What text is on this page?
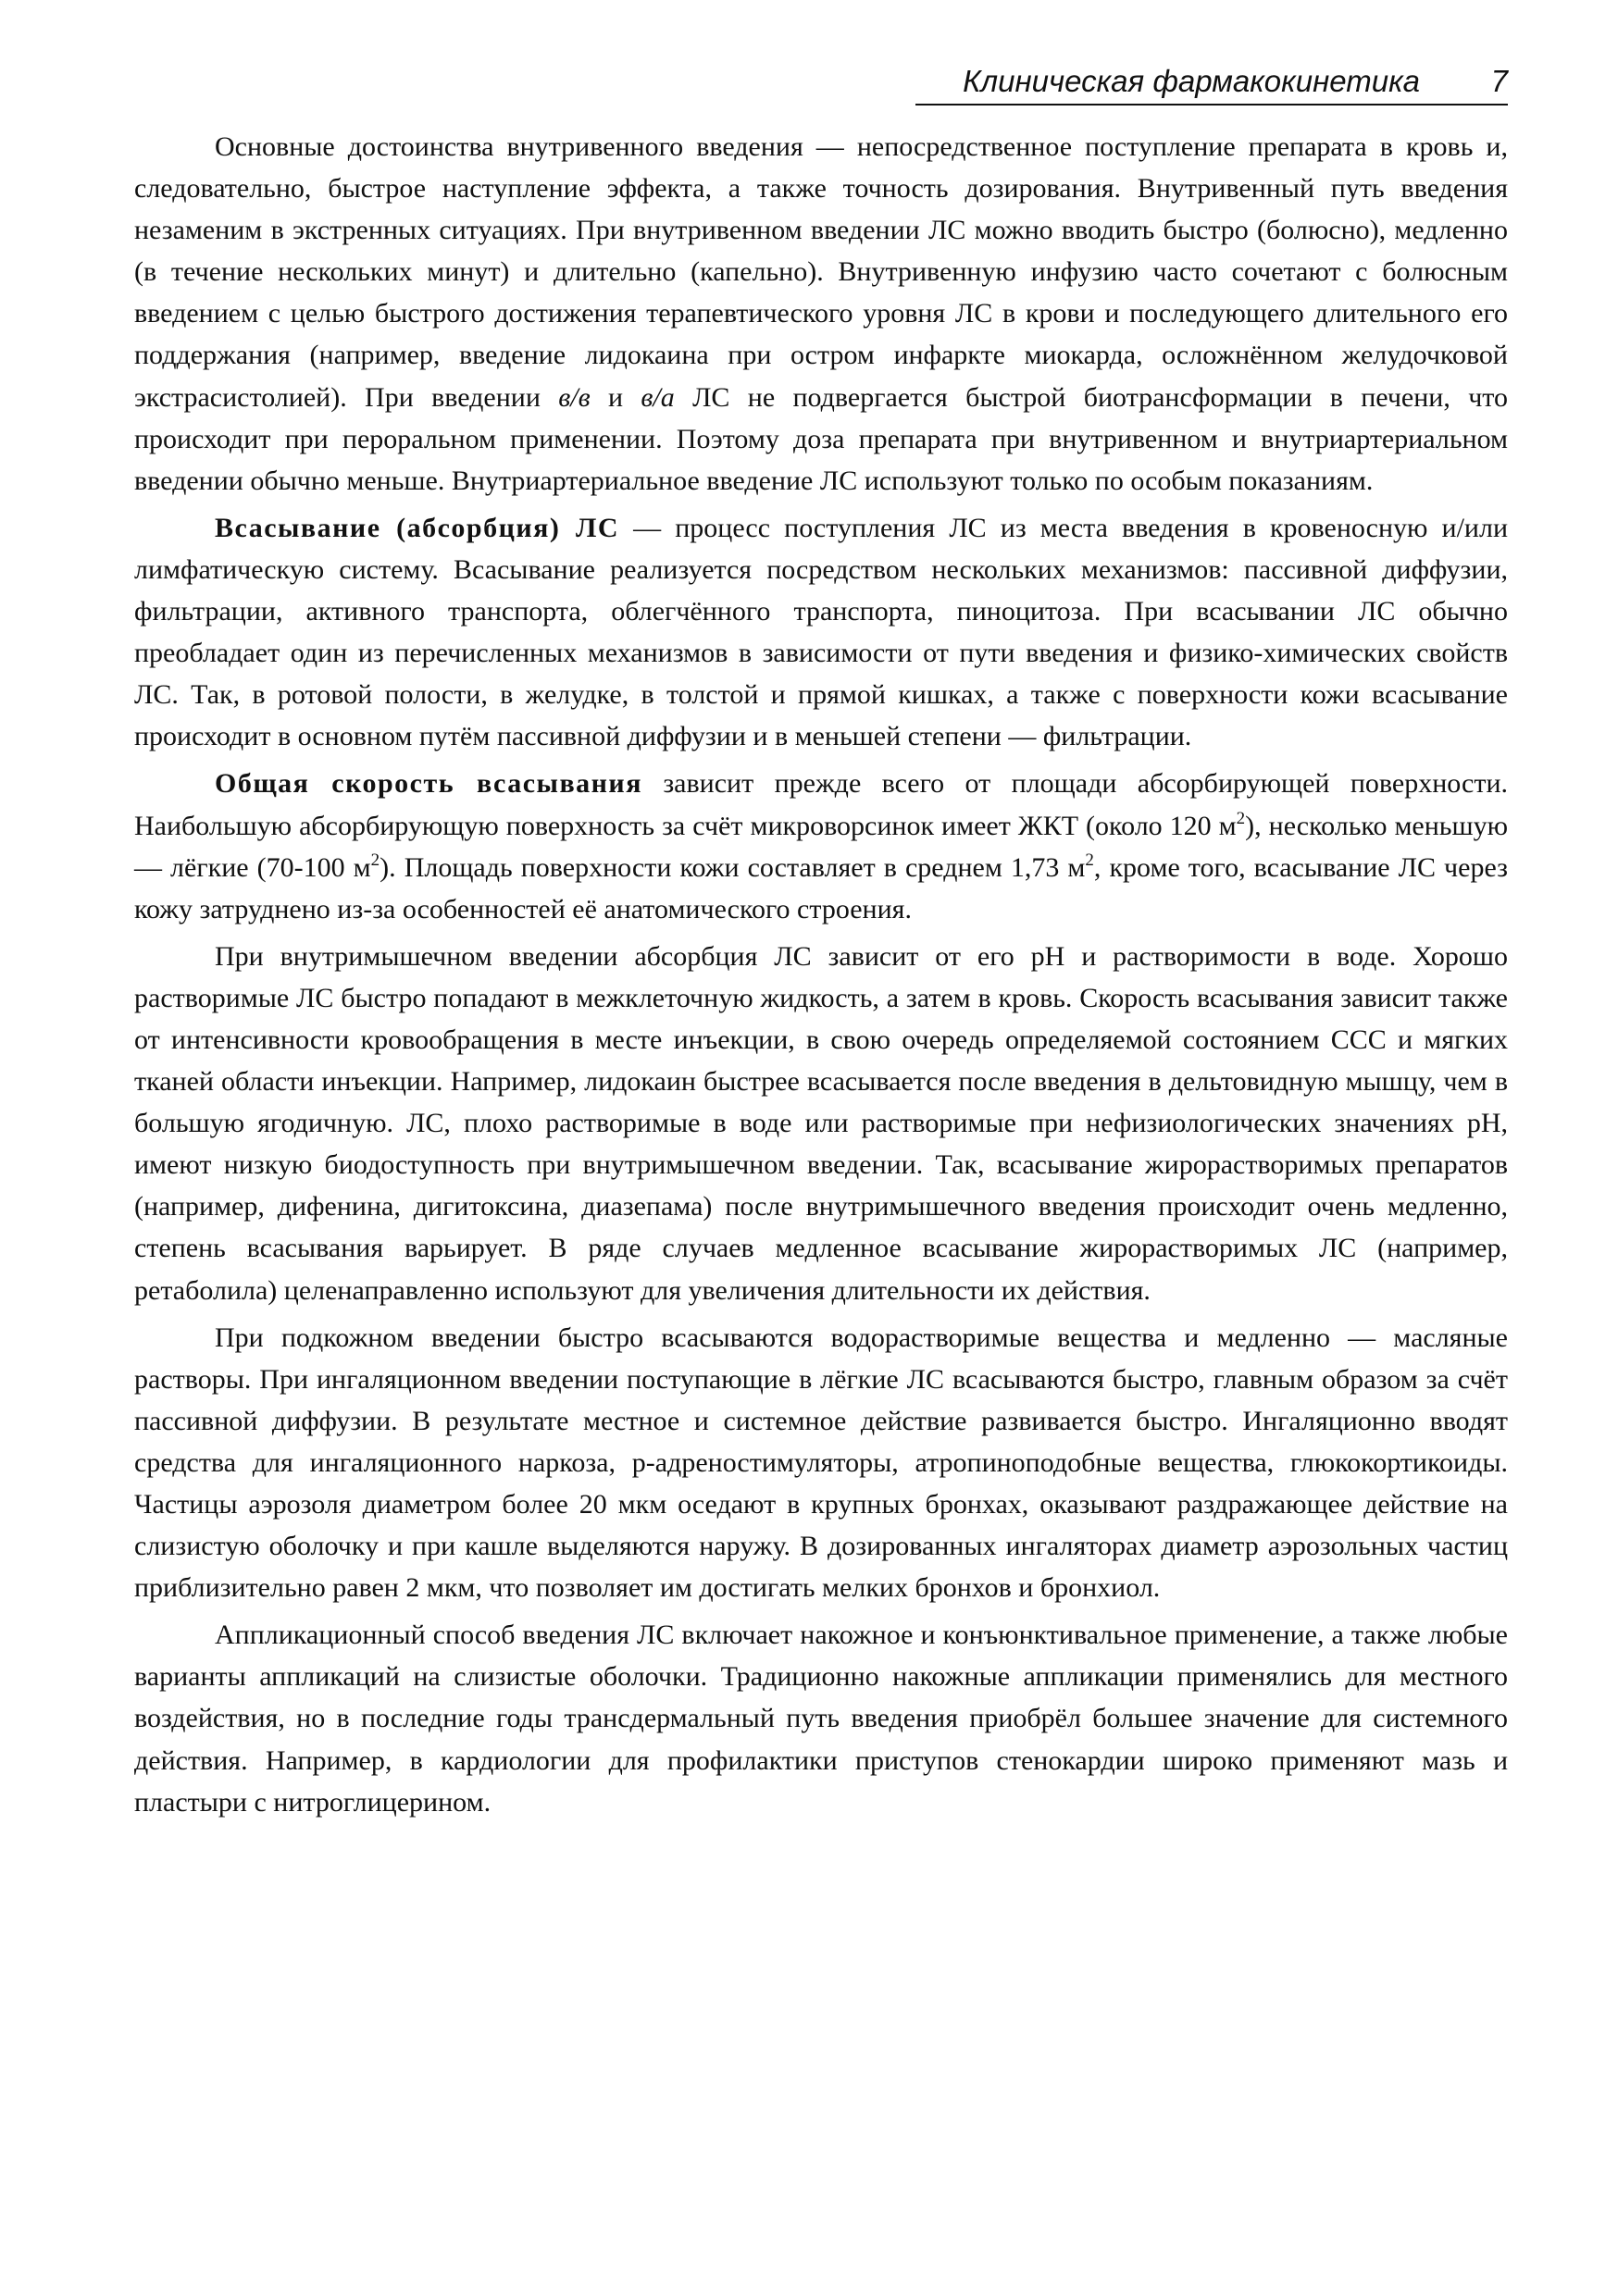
Клиническая фармакокинетика 7

Основные достоинства внутривенного введения — непосредственное поступление препарата в кровь и, следовательно, быстрое наступление эффекта, а также точность дозирования. Внутривенный путь введения незаменим в экстренных ситуациях. При внутривенном введении ЛС можно вводить быстро (болюсно), медленно (в течение нескольких минут) и длительно (капельно). Внутривенную инфузию часто сочетают с болюсным введением с целью быстрого достижения терапевтического уровня ЛС в крови и последующего длительного его поддержания (например, введение лидокаина при остром инфаркте миокарда, осложнённом желудочковой экстрасистолией). При введении в/в и в/а ЛС не подвергается быстрой биотрансформации в печени, что происходит при пероральном применении. Поэтому доза препарата при внутривенном и внутриартериальном введении обычно меньше. Внутриартериальное введение ЛС используют только по особым показаниям.

Всасывание (абсорбция) ЛС — процесс поступления ЛС из места введения в кровеносную и/или лимфатическую систему. Всасывание реализуется посредством нескольких механизмов: пассивной диффузии, фильтрации, активного транспорта, облегчённого транспорта, пиноцитоза. При всасывании ЛС обычно преобладает один из перечисленных механизмов в зависимости от пути введения и физико-химических свойств ЛС. Так, в ротовой полости, в желудке, в толстой и прямой кишках, а также с поверхности кожи всасывание происходит в основном путём пассивной диффузии и в меньшей степени — фильтрации.

Общая скорость всасывания зависит прежде всего от площади абсорбирующей поверхности. Наибольшую абсорбирующую поверхность за счёт микроворсинок имеет ЖКТ (около 120 $м^2$), несколько меньшую — лёгкие (70-100 $м^2$). Площадь поверхности кожи составляет в среднем 1,73 $м^2$, кроме того, всасывание ЛС через кожу затруднено из-за особенностей её анатомического строения.

При внутримышечном введении абсорбция ЛС зависит от его рН и растворимости в воде. Хорошо растворимые ЛС быстро попадают в межклеточную жидкость, а затем в кровь. Скорость всасывания зависит также от интенсивности кровообращения в месте инъекции, в свою очередь определяемой состоянием ССС и мягких тканей области инъекции. Например, лидокаин быстрее всасывается после введения в дельтовидную мышцу, чем в большую ягодичную. ЛС, плохо растворимые в воде или растворимые при нефизиологических значениях рН, имеют низкую биодоступность при внутримышечном введении. Так, всасывание жирорастворимых препаратов (например, дифенина, дигитоксина, диазепама) после внутримышечного введения происходит очень медленно, степень всасывания варьирует. В ряде случаев медленное всасывание жирорастворимых ЛС (например, ретаболила) целенаправленно используют для увеличения длительности их действия.

При подкожном введении быстро всасываются водорастворимые вещества и медленно — масляные растворы. При ингаляционном введении поступающие в лёгкие ЛС всасываются быстро, главным образом за счёт пассивной диффузии. В результате местное и системное действие развивается быстро. Ингаляционно вводят средства для ингаляционного наркоза, р-адреностимуляторы, атропиноподобные вещества, глюкокортикоиды. Частицы аэрозоля диаметром более 20 мкм оседают в крупных бронхах, оказывают раздражающее действие на слизистую оболочку и при кашле выделяются наружу. В дозированных ингаляторах диаметр аэрозольных частиц приблизительно равен 2 мкм, что позволяет им достигать мелких бронхов и бронхиол.

Аппликационный способ введения ЛС включает накожное и конъюнктивальное применение, а также любые варианты аппликаций на слизистые оболочки. Традиционно накожные аппликации применялись для местного воздействия, но в последние годы трансдермальный путь введения приобрёл большее значение для системного действия. Например, в кардиологии для профилактики приступов стенокардии широко применяют мазь и пластыри с нитроглицерином.
